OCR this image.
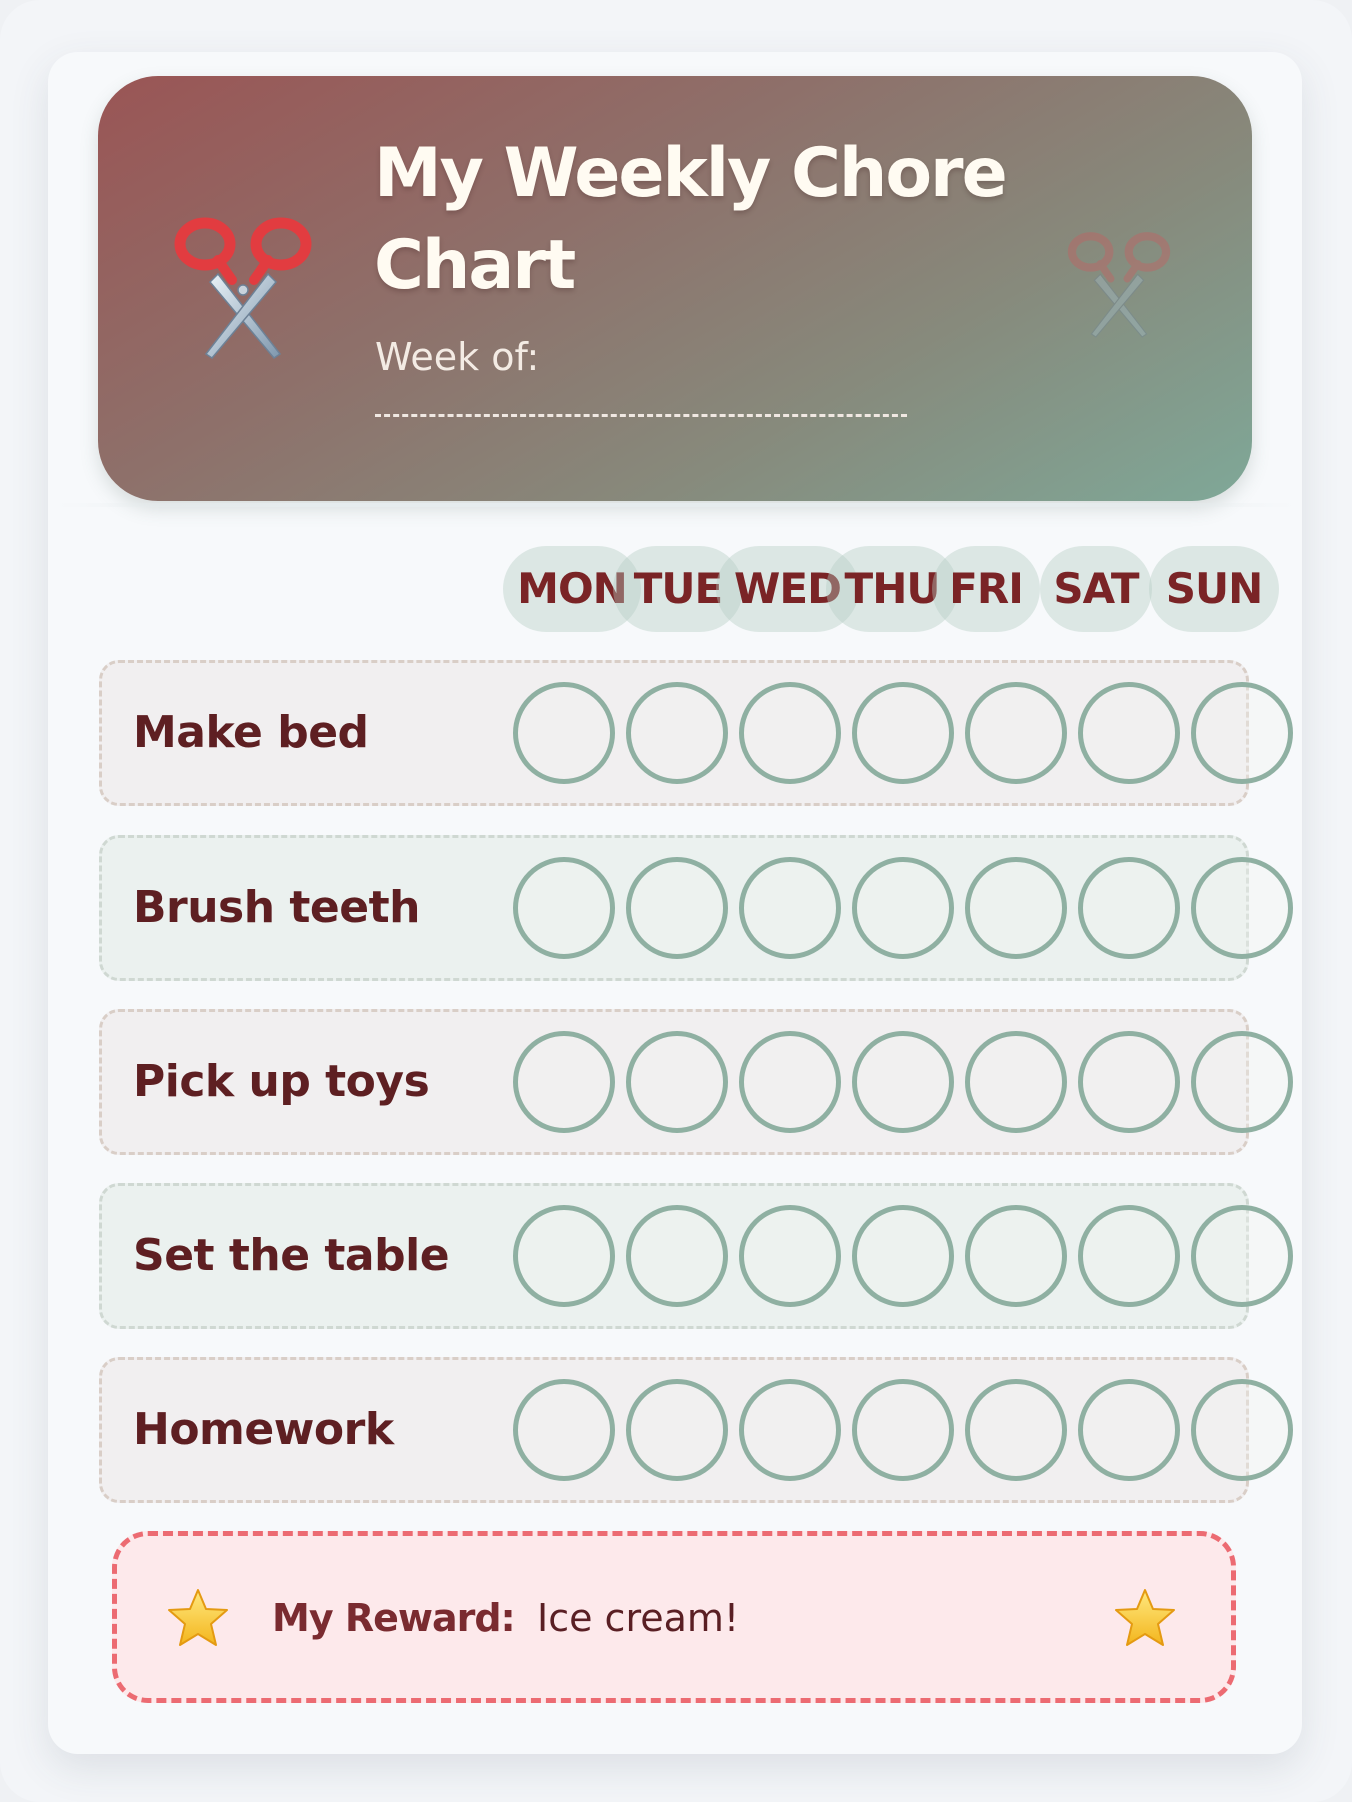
My Weekly Chore Chart
Week of:
MON TUE WED THU FRI SAT SUN
Make bed
Brush teeth
Pick up toys
Set the table
Homework
My Reward: Ice cream!
